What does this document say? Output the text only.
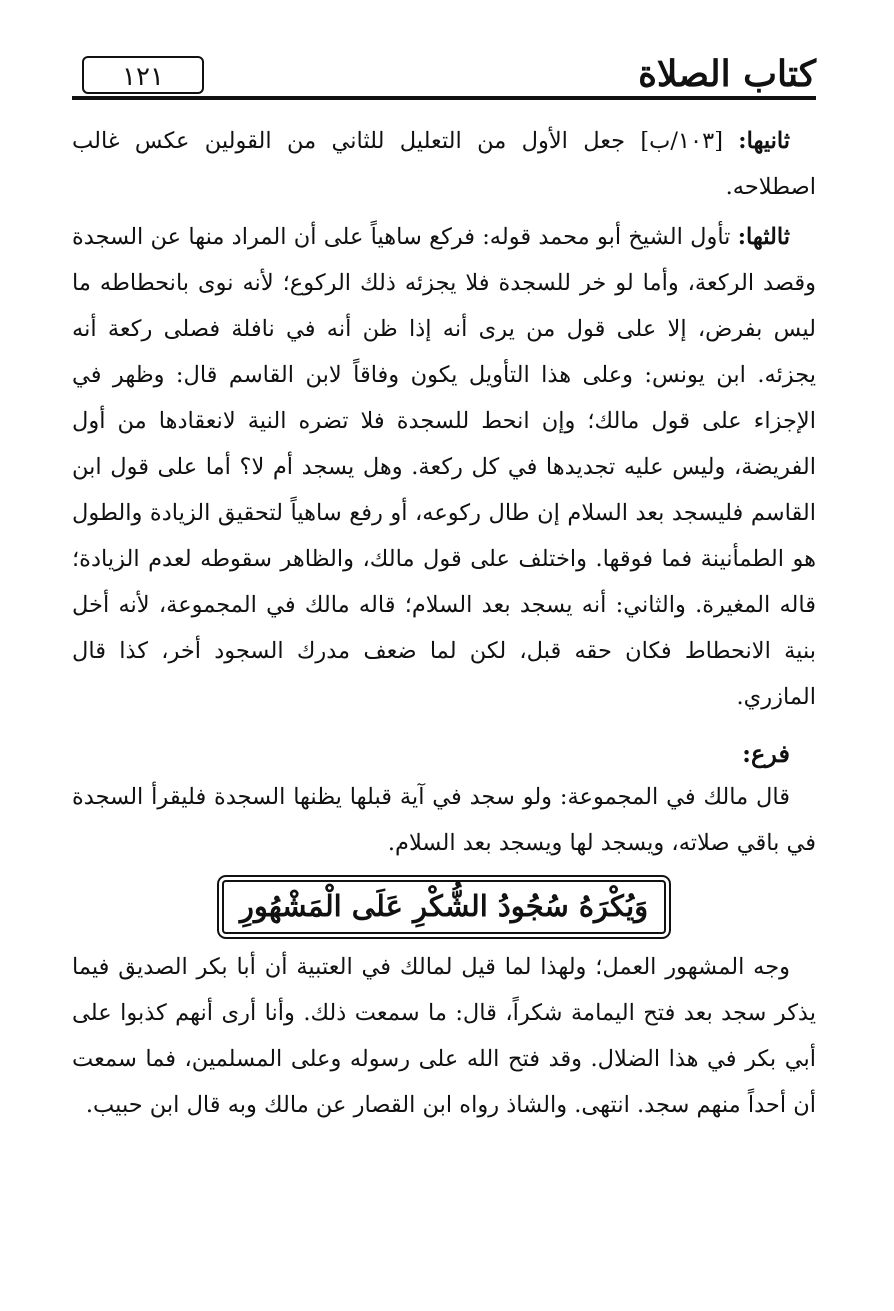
كتاب الصلاة
١٢١

ثانيها: [١٠٣/ب] جعل الأول من التعليل للثاني من القولين عكس غالب اصطلاحه.

ثالثها: تأول الشيخ أبو محمد قوله: فركع ساهياً على أن المراد منها عن السجدة وقصد الركعة، وأما لو خر للسجدة فلا يجزئه ذلك الركوع؛ لأنه نوى بانحطاطه ما ليس بفرض، إلا على قول من يرى أنه إذا ظن أنه في نافلة فصلى ركعة أنه يجزئه. ابن يونس: وعلى هذا التأويل يكون وفاقاً لابن القاسم قال: وظهر في الإجزاء على قول مالك؛ وإن انحط للسجدة فلا تضره النية لانعقادها من أول الفريضة، وليس عليه تجديدها في كل ركعة. وهل يسجد أم لا؟ أما على قول ابن القاسم فليسجد بعد السلام إن طال ركوعه، أو رفع ساهياً لتحقيق الزيادة والطول هو الطمأنينة فما فوقها. واختلف على قول مالك، والظاهر سقوطه لعدم الزيادة؛ قاله المغيرة. والثاني: أنه يسجد بعد السلام؛ قاله مالك في المجموعة، لأنه أخل بنية الانحطاط فكان حقه قبل، لكن لما ضعف مدرك السجود أخر، كذا قال المازري.

فرع:

قال مالك في المجموعة: ولو سجد في آية قبلها يظنها السجدة فليقرأ السجدة في باقي صلاته، ويسجد لها ويسجد بعد السلام.

وَيُكْرَهُ سُجُودُ الشُّكْرِ عَلَى الْمَشْهُورِ

وجه المشهور العمل؛ ولهذا لما قيل لمالك في العتبية أن أبا بكر الصديق فيما يذكر سجد بعد فتح اليمامة شكراً، قال: ما سمعت ذلك. وأنا أرى أنهم كذبوا على أبي بكر في هذا الضلال. وقد فتح الله على رسوله وعلى المسلمين، فما سمعت أن أحداً منهم سجد. انتهى. والشاذ رواه ابن القصار عن مالك وبه قال ابن حبيب.
